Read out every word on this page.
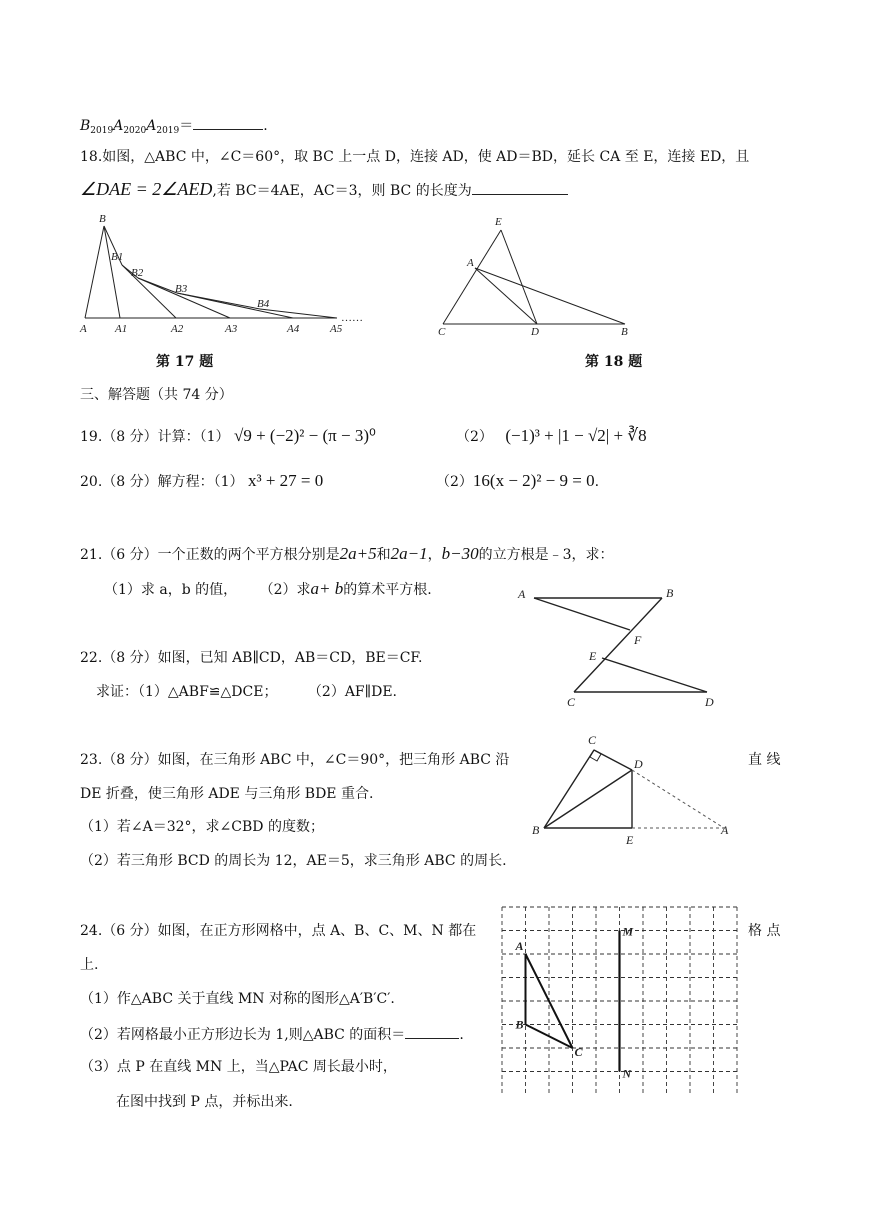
$B_{2019}A_{2020}A_{2019}=$	.
18.如图，△ABC 中，∠C＝60°，取 BC 上一点 D，连接 AD，使 AD＝BD，延长 CA 至 E，连接 ED，且
∠DAE = 2∠AED,若 BC＝4AE，AC＝3，则 BC 的长度为
B
B1
B2
B3
B4
A	A1	A2	A3	A4	A5
……
第 17 题
E
A
C	D	B
第 18 题
三、解答题（共 74 分）
19.（8 分）计算：（1） √9 + (−2)² − (π − 3)⁰	（2） (−1)³ + |1 − √2| + ∛8
20.（8 分）解方程：（1） x³ + 27 = 0	（2）16(x − 2)² − 9 = 0.
21.（6 分）一个正数的两个平方根分别是2a+5和2a−1，b−30的立方根是﹣3，求：
（1）求 a，b 的值， （2）求a+ b的算术平方根.	A	B
F
E
C	D
22.（8 分）如图，已知 AB∥CD，AB＝CD，BE＝CF.
求证：（1）△ABF≌△DCE； （2）AF∥DE.
C
D
B
E
A
23.（8 分）如图，在三角形 ABC 中，∠C＝90°，把三角形 ABC 沿	直 线
DE 折叠，使三角形 ADE 与三角形 BDE 重合.
（1）若∠A＝32°，求∠CBD 的度数；
（2）若三角形 BCD 的周长为 12，AE＝5，求三角形 ABC 的周长.
A
B
C
M
N
24.（6 分）如图，在正方形网格中，点 A、B、C、M、N 都在	格 点
上.
（1）作△ABC 关于直线 MN 对称的图形△A′B′C′.
（2）若网格最小正方形边长为 1,则△ABC 的面积＝	.
（3）点 P 在直线 MN 上，当△PAC 周长最小时，
在图中找到 P 点，并标出来.
